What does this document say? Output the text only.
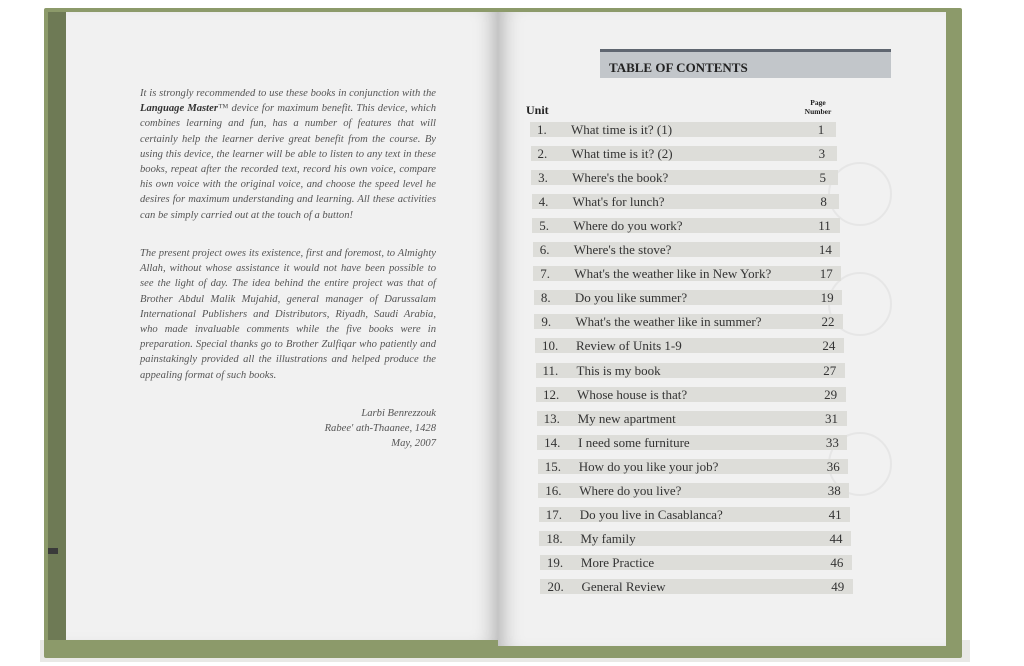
It is strongly recommended to use these books in conjunction with the Language Master™ device for maximum benefit. This device, which combines learning and fun, has a number of features that will certainly help the learner derive great benefit from the course. By using this device, the learner will be able to listen to any text in these books, repeat after the recorded text, record his own voice, compare his own voice with the original voice, and choose the speed level he desires for maximum understanding and learning. All these activities can be simply carried out at the touch of a button!
The present project owes its existence, first and foremost, to Almighty Allah, without whose assistance it would not have been possible to see the light of day. The idea behind the entire project was that of Brother Abdul Malik Mujahid, general manager of Darussalam International Publishers and Distributors, Riyadh, Saudi Arabia, who made invaluable comments while the five books were in preparation. Special thanks go to Brother Zulfiqar who patiently and painstakingly provided all the illustrations and helped produce the appealing format of such books.
Larbi Benrezzouk
Rabee' ath-Thaanee, 1428
May, 2007
TABLE OF CONTENTS
Unit
Page
Number
1. What time is it? (1)	1
2. What time is it? (2)	3
3. Where's the book?	5
4. What's for lunch?	8
5. Where do you work?	11
6. Where's the stove?	14
7. What's the weather like in New York?	17
8. Do you like summer?	19
9. What's the weather like in summer?	22
10. Review of Units 1-9	24
11. This is my book	27
12. Whose house is that?	29
13. My new apartment	31
14. I need some furniture	33
15. How do you like your job?	36
16. Where do you live?	38
17. Do you live in Casablanca?	41
18. My family	44
19. More Practice	46
20. General Review	49
